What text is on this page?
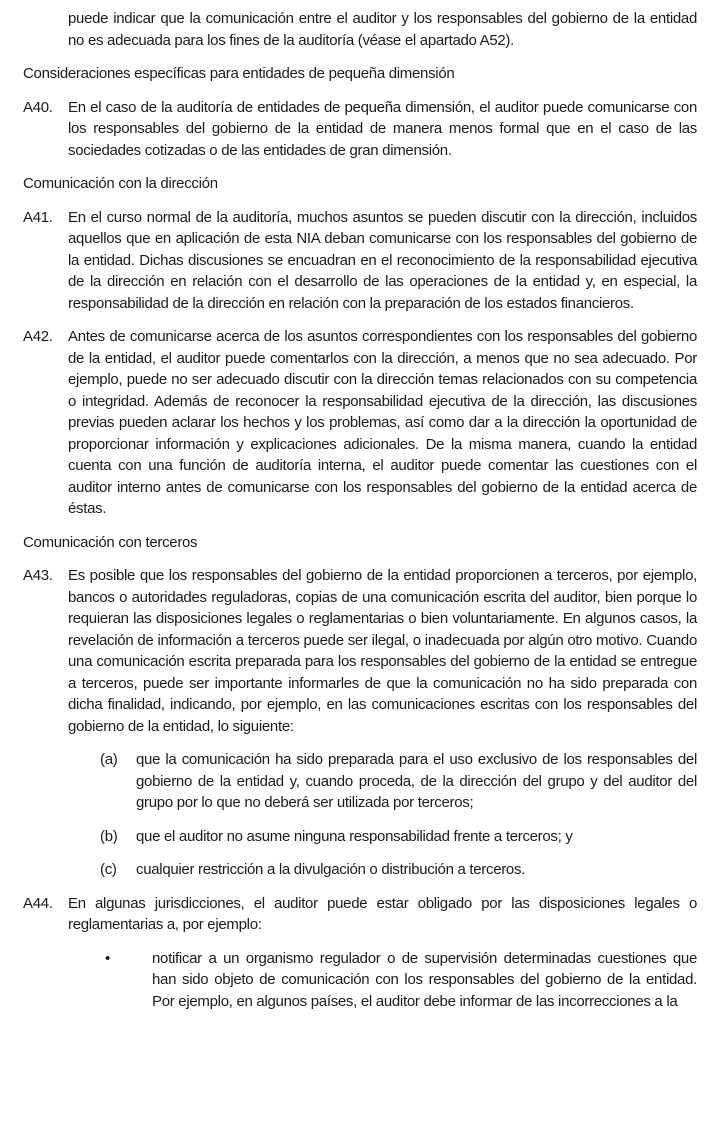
puede indicar que la comunicación entre el auditor y los responsables del gobierno de la entidad no es adecuada para los fines de la auditoría (véase el apartado A52).

Consideraciones específicas para entidades de pequeña dimensión
A40.	En el caso de la auditoría de entidades de pequeña dimensión, el auditor puede comunicarse con los responsables del gobierno de la entidad de manera menos formal que en el caso de las sociedades cotizadas o de las entidades de gran dimensión.

Comunicación con la dirección
A41.	En el curso normal de la auditoría, muchos asuntos se pueden discutir con la dirección, incluidos aquellos que en aplicación de esta NIA deban comunicarse con los responsables del gobierno de la entidad. Dichas discusiones se encuadran en el reconocimiento de la responsabilidad ejecutiva de la dirección en relación con el desarrollo de las operaciones de la entidad y, en especial, la responsabilidad de la dirección en relación con la preparación de los estados financieros.

A42.	Antes de comunicarse acerca de los asuntos correspondientes con los responsables del gobierno de la entidad, el auditor puede comentarlos con la dirección, a menos que no sea adecuado. Por ejemplo, puede no ser adecuado discutir con la dirección temas relacionados con su competencia o integridad. Además de reconocer la responsabilidad ejecutiva de la dirección, las discusiones previas pueden aclarar los hechos y los problemas, así como dar a la dirección la oportunidad de proporcionar información y explicaciones adicionales. De la misma manera, cuando la entidad cuenta con una función de auditoría interna, el auditor puede comentar las cuestiones con el auditor interno antes de comunicarse con los responsables del gobierno de la entidad acerca de éstas.

Comunicación con terceros
A43.	Es posible que los responsables del gobierno de la entidad proporcionen a terceros, por ejemplo, bancos o autoridades reguladoras, copias de una comunicación escrita del auditor, bien porque lo requieran las disposiciones legales o reglamentarias o bien voluntariamente. En algunos casos, la revelación de información a terceros puede ser ilegal, o inadecuada por algún otro motivo. Cuando una comunicación escrita preparada para los responsables del gobierno de la entidad se entregue a terceros, puede ser importante informarles de que la comunicación no ha sido preparada con dicha finalidad, indicando, por ejemplo, en las comunicaciones escritas con los responsables del gobierno de la entidad, lo siguiente:

(a)	que la comunicación ha sido preparada para el uso exclusivo de los responsables del gobierno de la entidad y, cuando proceda, de la dirección del grupo y del auditor del grupo por lo que no deberá ser utilizada por terceros;

(b)	que el auditor no asume ninguna responsabilidad frente a terceros; y

(c)	cualquier restricción a la divulgación o distribución a terceros.

A44.	En algunas jurisdicciones, el auditor puede estar obligado por las disposiciones legales o reglamentarias a, por ejemplo:

•	notificar a un organismo regulador o de supervisión determinadas cuestiones que han sido objeto de comunicación con los responsables del gobierno de la entidad. Por ejemplo, en algunos países, el auditor debe informar de las incorrecciones a la
